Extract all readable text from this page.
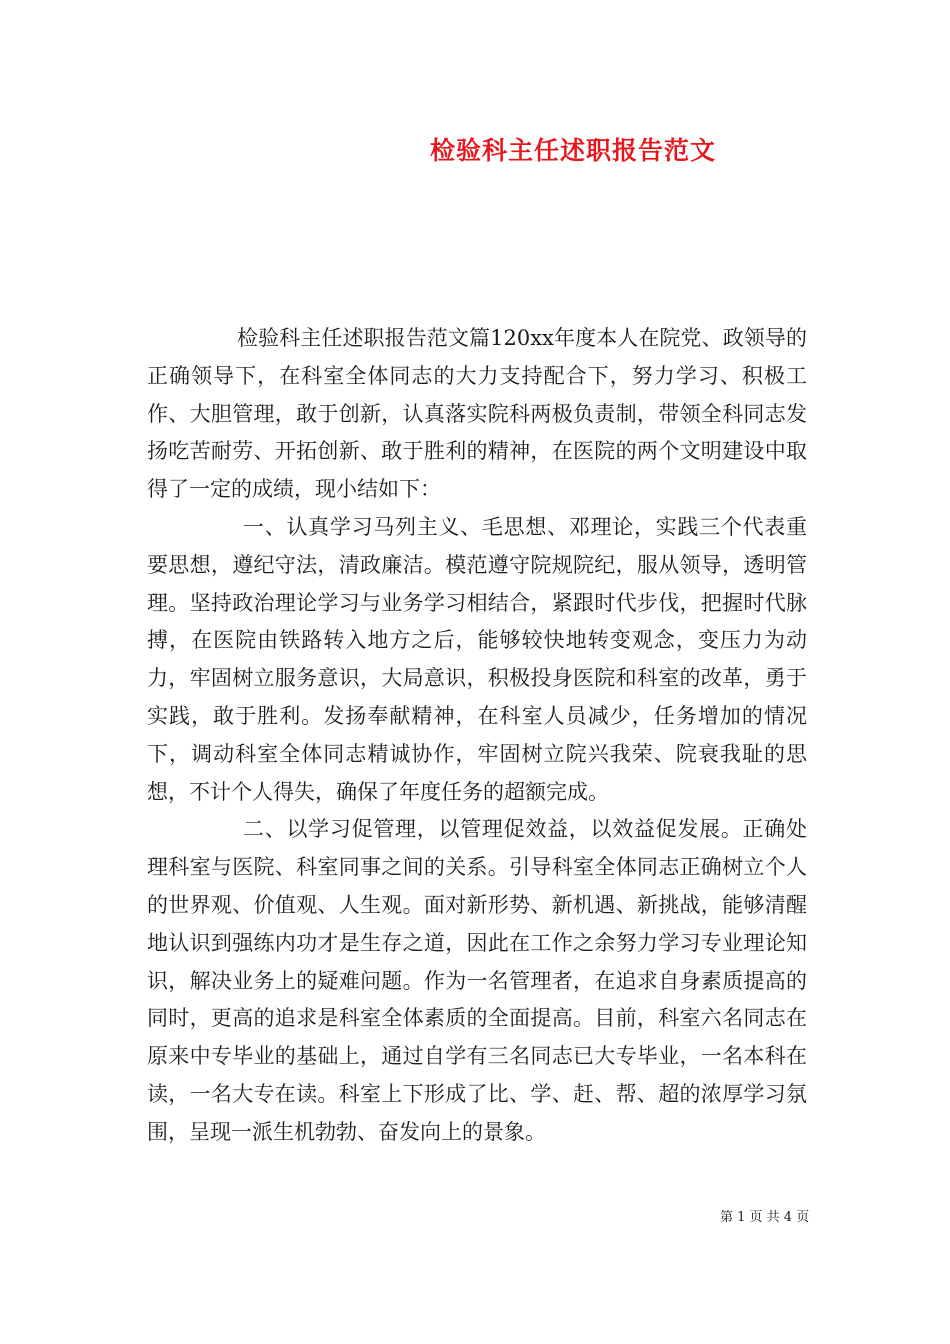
检验科主任述职报告范文

检验科主任述职报告范文篇120xx年度本人在院党、政领导的正确领导下，在科室全体同志的大力支持配合下，努力学习、积极工作、大胆管理，敢于创新，认真落实院科两极负责制，带领全科同志发扬吃苦耐劳、开拓创新、敢于胜利的精神，在医院的两个文明建设中取得了一定的成绩，现小结如下：

一、认真学习马列主义、毛思想、邓理论，实践三个代表重要思想，遵纪守法，清政廉洁。模范遵守院规院纪，服从领导，透明管理。坚持政治理论学习与业务学习相结合，紧跟时代步伐，把握时代脉搏，在医院由铁路转入地方之后，能够较快地转变观念，变压力为动力，牢固树立服务意识，大局意识，积极投身医院和科室的改革，勇于实践，敢于胜利。发扬奉献精神，在科室人员减少，任务增加的情况下，调动科室全体同志精诚协作，牢固树立院兴我荣、院衰我耻的思想，不计个人得失，确保了年度任务的超额完成。

二、以学习促管理，以管理促效益，以效益促发展。正确处理科室与医院、科室同事之间的关系。引导科室全体同志正确树立个人的世界观、价值观、人生观。面对新形势、新机遇、新挑战，能够清醒地认识到强练内功才是生存之道，因此在工作之余努力学习专业理论知识，解决业务上的疑难问题。作为一名管理者，在追求自身素质提高的同时，更高的追求是科室全体素质的全面提高。目前，科室六名同志在原来中专毕业的基础上，通过自学有三名同志已大专毕业，一名本科在读，一名大专在读。科室上下形成了比、学、赶、帮、超的浓厚学习氛围，呈现一派生机勃勃、奋发向上的景象。

第 1 页 共 4 页
